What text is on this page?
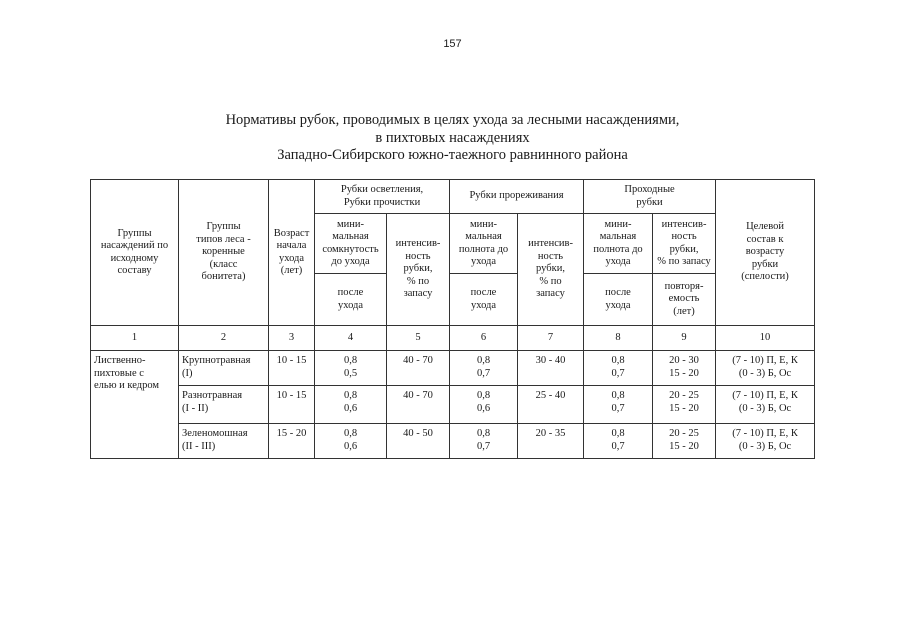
157
Нормативы рубок, проводимых в целях ухода за лесными насаждениями,
в пихтовых насаждениях
Западно-Сибирского южно-таежного равнинного района
Группы
насаждений по
исходному
составу	Группы
типов леса -
коренные
(класс
бонитета)	Возраст
начала
ухода
(лет)	Рубки осветления,
Рубки прочистки		Рубки прореживания		Проходные
рубки		Целевой
состав к
возрасту
рубки
(спелости)

			мини-
мальная
сомкнутость
до ухода	интенсив-
ность
рубки,
% по
запасу	мини-
мальная
полнота до
ухода	интенсив-
ность
рубки,
% по
запасу	мини-
мальная
полнота до
ухода	интенсив-
ность
рубки,
% по запасу	

			после
ухода		после
ухода		после
ухода	повторя-
емость
(лет)	

1	2	3	4	5	6	7	8	9	10

Лиственно-
пихтовые с
елью и кедром	Крупнотравная
(I)	10 - 15	0,8
0,5	40 - 70	0,8
0,7	30 - 40	0,8
0,7	20 - 30
15 - 20	(7 - 10) П, Е, К
(0 - 3) Б, Ос

	Разнотравная
(I - II)	10 - 15	0,8
0,6	40 - 70	0,8
0,6	25 - 40	0,8
0,7	20 - 25
15 - 20	(7 - 10) П, Е, К
(0 - 3) Б, Ос

	Зеленомошная
(II - III)	15 - 20	0,8
0,6	40 - 50	0,8
0,7	20 - 35	0,8
0,7	20 - 25
15 - 20	(7 - 10) П, Е, К
(0 - 3) Б, Ос
